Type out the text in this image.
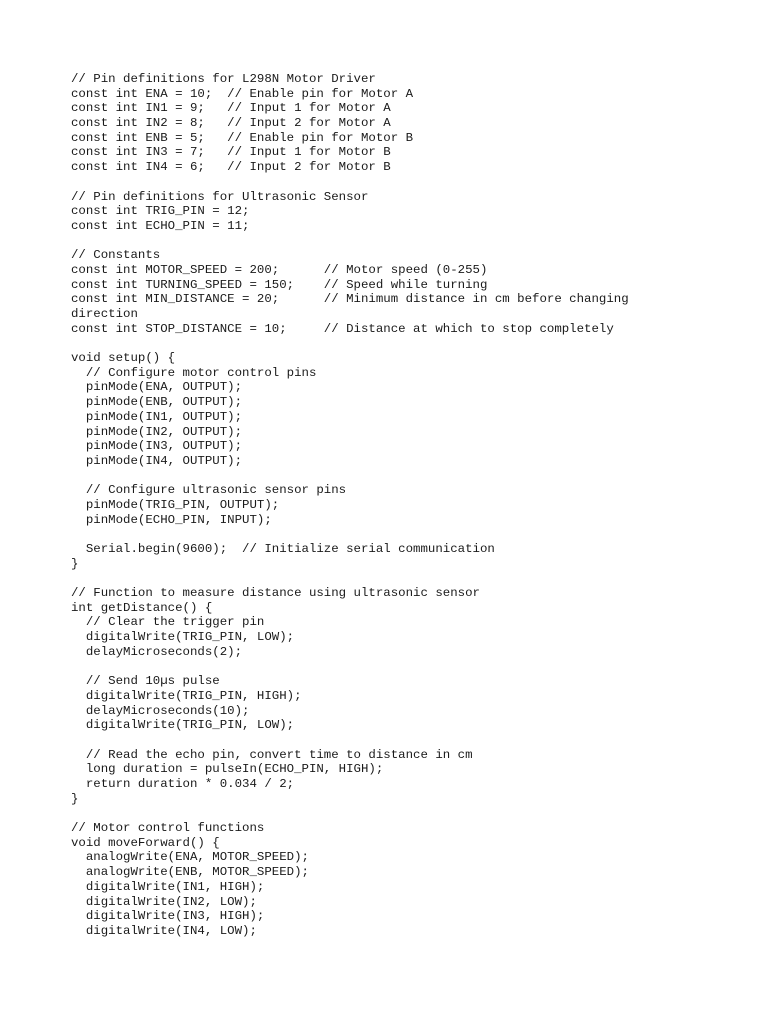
// Pin definitions for L298N Motor Driver
const int ENA = 10;  // Enable pin for Motor A
const int IN1 = 9;   // Input 1 for Motor A
const int IN2 = 8;   // Input 2 for Motor A
const int ENB = 5;   // Enable pin for Motor B
const int IN3 = 7;   // Input 1 for Motor B
const int IN4 = 6;   // Input 2 for Motor B
// Pin definitions for Ultrasonic Sensor
const int TRIG_PIN = 12;
const int ECHO_PIN = 11;
// Constants
const int MOTOR_SPEED = 200;      // Motor speed (0-255)
const int TURNING_SPEED = 150;    // Speed while turning
const int MIN_DISTANCE = 20;      // Minimum distance in cm before changing
direction
const int STOP_DISTANCE = 10;     // Distance at which to stop completely
void setup() {
// Configure motor control pins
pinMode(ENA, OUTPUT);
pinMode(ENB, OUTPUT);
pinMode(IN1, OUTPUT);
pinMode(IN2, OUTPUT);
pinMode(IN3, OUTPUT);
pinMode(IN4, OUTPUT);
// Configure ultrasonic sensor pins
pinMode(TRIG_PIN, OUTPUT);
pinMode(ECHO_PIN, INPUT);
Serial.begin(9600);  // Initialize serial communication
}
// Function to measure distance using ultrasonic sensor
int getDistance() {
// Clear the trigger pin
digitalWrite(TRIG_PIN, LOW);
delayMicroseconds(2);
// Send 10µs pulse
digitalWrite(TRIG_PIN, HIGH);
delayMicroseconds(10);
digitalWrite(TRIG_PIN, LOW);
// Read the echo pin, convert time to distance in cm
long duration = pulseIn(ECHO_PIN, HIGH);
return duration * 0.034 / 2;
}
// Motor control functions
void moveForward() {
analogWrite(ENA, MOTOR_SPEED);
analogWrite(ENB, MOTOR_SPEED);
digitalWrite(IN1, HIGH);
digitalWrite(IN2, LOW);
digitalWrite(IN3, HIGH);
digitalWrite(IN4, LOW);
